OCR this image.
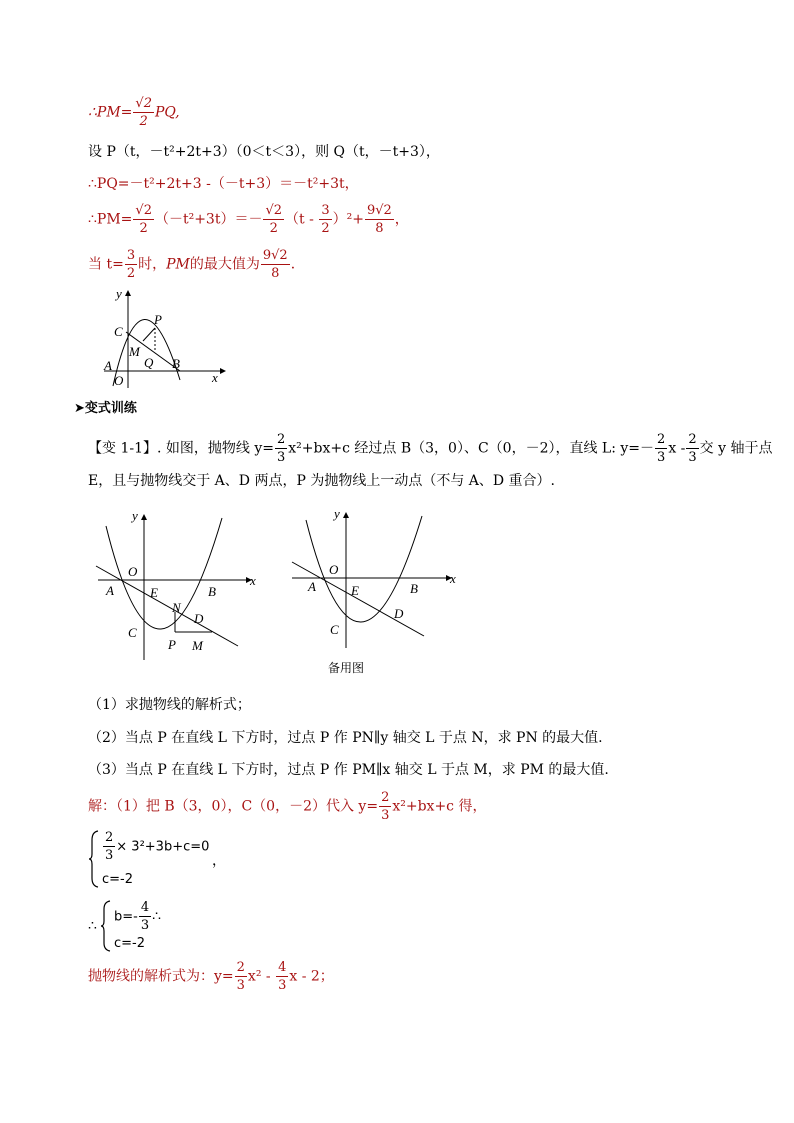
∴PM= $\frac{√2}{2}$ PQ,
设 P（t，－t²+2t+3）（0＜t＜3），则 Q（t，－t+3），
∴PQ=－t²+2t+3 -（－t+3）＝－t²+3t，
∴PM= $\frac{√2}{2} (-t^2+3t)=- \frac{√2}{2} (t - \frac{3}{2} )^2+ \frac{9√2}{8}$ ，
当 $t= \frac{3}{2}$ 时，PM的最大值为 $\frac{9√2}{8}$ ．
y
x
C
P
M
Q
A	B
O
➤变式训练
【变 1-1】. 如图，抛物线 $y= \frac{2}{3} x^2+bx+c$ 经过点 B（3，0）、C（0，－2），直线 L: $y=- \frac{2}{3}$ x - $\frac{2}{3}$ 交 y 轴于点
E，且与抛物线交于 A、D 两点，P 为抛物线上一动点（不与 A、D 重合）.
y
x
O
A	E	B
N
D
C
P M
y
x
O
A	E	B
D
C
备用图
（1）求抛物线的解析式；
（2）当点 P 在直线 L 下方时，过点 P 作 PN∥y 轴交 L 于点 N，求 PN 的最大值.
（3）当点 P 在直线 L 下方时，过点 P 作 PM∥x 轴交 L 于点 M，求 PM 的最大值.
解：（1）把 B（3，0），C（0，－2）代入 $y= \frac{2}{3} x^2+bx+c$ 得，
$\frac{2}{3} \times 3^2+3b+c=0$
c=-2
，
∴
$b=- \frac{4}{3}$ ∴
c=-2
抛物线的解析式为：$y= \frac{2}{3} x^2 - \frac{4}{3}$ x - 2；
